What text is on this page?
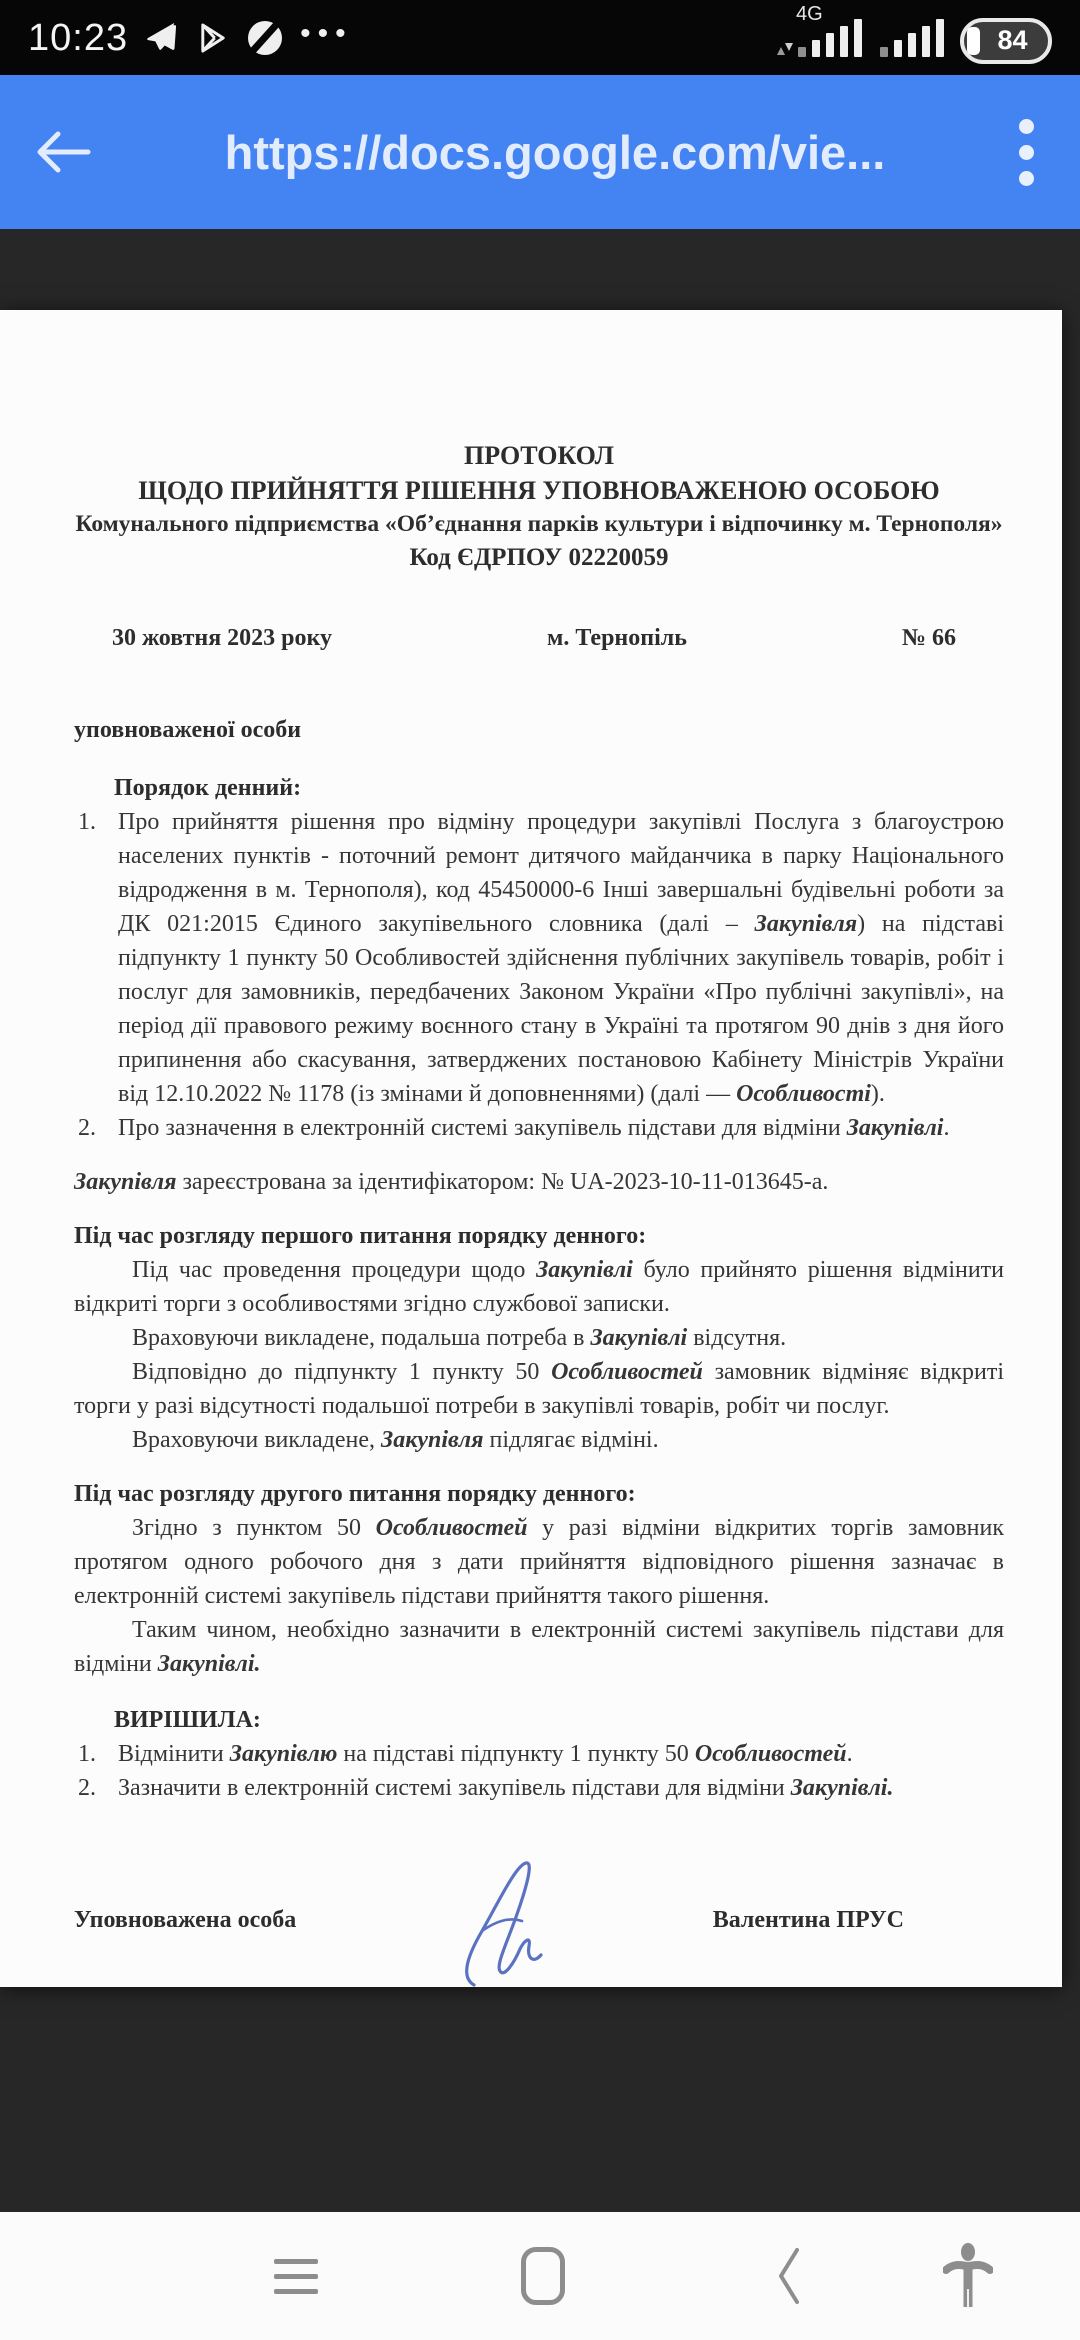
10:23	•••
4G
84
https://docs.google.com/vie...
ПРОТОКОЛ
ЩОДО ПРИЙНЯТТЯ РІШЕННЯ УПОВНОВАЖЕНОЮ ОСОБОЮ
Комунального підприємства «Об’єднання парків культури і відпочинку м. Тернополя»
Код ЄДРПОУ 02220059
30 жовтня 2023 року	м. Тернопіль	№ 66
уповноваженої особи
Порядок денний:
1. Про прийняття рішення про відміну процедури закупівлі Послуга з благоустрою населених пунктів - поточний ремонт дитячого майданчика в парку Національного відродження в м. Тернополя), код 45450000-6 Інші завершальні будівельні роботи за ДК 021:2015 Єдиного закупівельного словника (далі – Закупівля) на підставі підпункту 1 пункту 50 Особливостей здійснення публічних закупівель товарів, робіт і послуг для замовників, передбачених Законом України «Про публічні закупівлі», на період дії правового режиму воєнного стану в Україні та протягом 90 днів з дня його припинення або скасування, затверджених постановою Кабінету Міністрів України від 12.10.2022 № 1178 (із змінами й доповненнями) (далі — Особливості).
2. Про зазначення в електронній системі закупівель підстави для відміни Закупівлі.
Закупівля зареєстрована за ідентифікатором: № UA-2023-10-11-013645-a.
Під час розгляду першого питання порядку денного:
Під час проведення процедури щодо Закупівлі було прийнято рішення відмінити відкриті торги з особливостями згідно службової записки.
Враховуючи викладене, подальша потреба в Закупівлі відсутня.
Відповідно до підпункту 1 пункту 50 Особливостей замовник відміняє відкриті торги у разі відсутності подальшої потреби в закупівлі товарів, робіт чи послуг.
Враховуючи викладене, Закупівля підлягає відміні.
Під час розгляду другого питання порядку денного:
Згідно з пунктом 50 Особливостей у разі відміни відкритих торгів замовник протягом одного робочого дня з дати прийняття відповідного рішення зазначає в електронній системі закупівель підстави прийняття такого рішення.
Таким чином, необхідно зазначити в електронній системі закупівель підстави для відміни Закупівлі.
ВИРІШИЛА:
1. Відмінити Закупівлю на підставі підпункту 1 пункту 50 Особливостей.
2. Зазначити в електронній системі закупівель підстави для відміни Закупівлі.
Уповноважена особа	Валентина ПРУС
